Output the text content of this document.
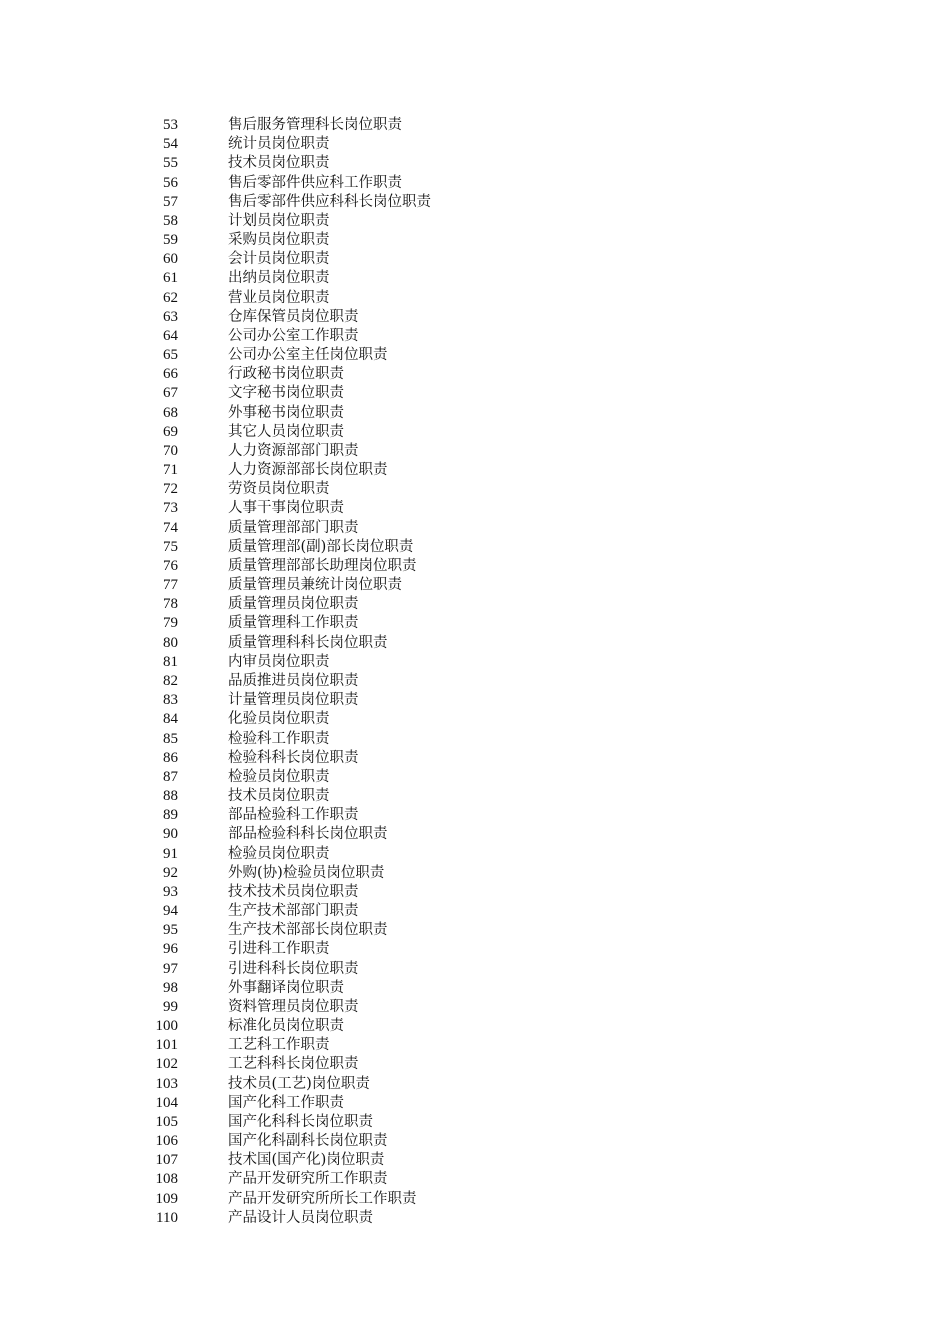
53	售后服务管理科长岗位职责
54	统计员岗位职责
55	技术员岗位职责
56	售后零部件供应科工作职责
57	售后零部件供应科科长岗位职责
58	计划员岗位职责
59	采购员岗位职责
60	会计员岗位职责
61	出纳员岗位职责
62	营业员岗位职责
63	仓库保管员岗位职责
64	公司办公室工作职责
65	公司办公室主任岗位职责
66	行政秘书岗位职责
67	文字秘书岗位职责
68	外事秘书岗位职责
69	其它人员岗位职责
70	人力资源部部门职责
71	人力资源部部长岗位职责
72	劳资员岗位职责
73	人事干事岗位职责
74	质量管理部部门职责
75	质量管理部(副)部长岗位职责
76	质量管理部部长助理岗位职责
77	质量管理员兼统计岗位职责
78	质量管理员岗位职责
79	质量管理科工作职责
80	质量管理科科长岗位职责
81	内审员岗位职责
82	品质推进员岗位职责
83	计量管理员岗位职责
84	化验员岗位职责
85	检验科工作职责
86	检验科科长岗位职责
87	检验员岗位职责
88	技术员岗位职责
89	部品检验科工作职责
90	部品检验科科长岗位职责
91	检验员岗位职责
92	外购(协)检验员岗位职责
93	技术技术员岗位职责
94	生产技术部部门职责
95	生产技术部部长岗位职责
96	引进科工作职责
97	引进科科长岗位职责
98	外事翻译岗位职责
99	资料管理员岗位职责
100	标准化员岗位职责
101	工艺科工作职责
102	工艺科科长岗位职责
103	技术员(工艺)岗位职责
104	国产化科工作职责
105	国产化科科长岗位职责
106	国产化科副科长岗位职责
107	技术国(国产化)岗位职责
108	产品开发研究所工作职责
109	产品开发研究所所长工作职责
110	产品设计人员岗位职责
